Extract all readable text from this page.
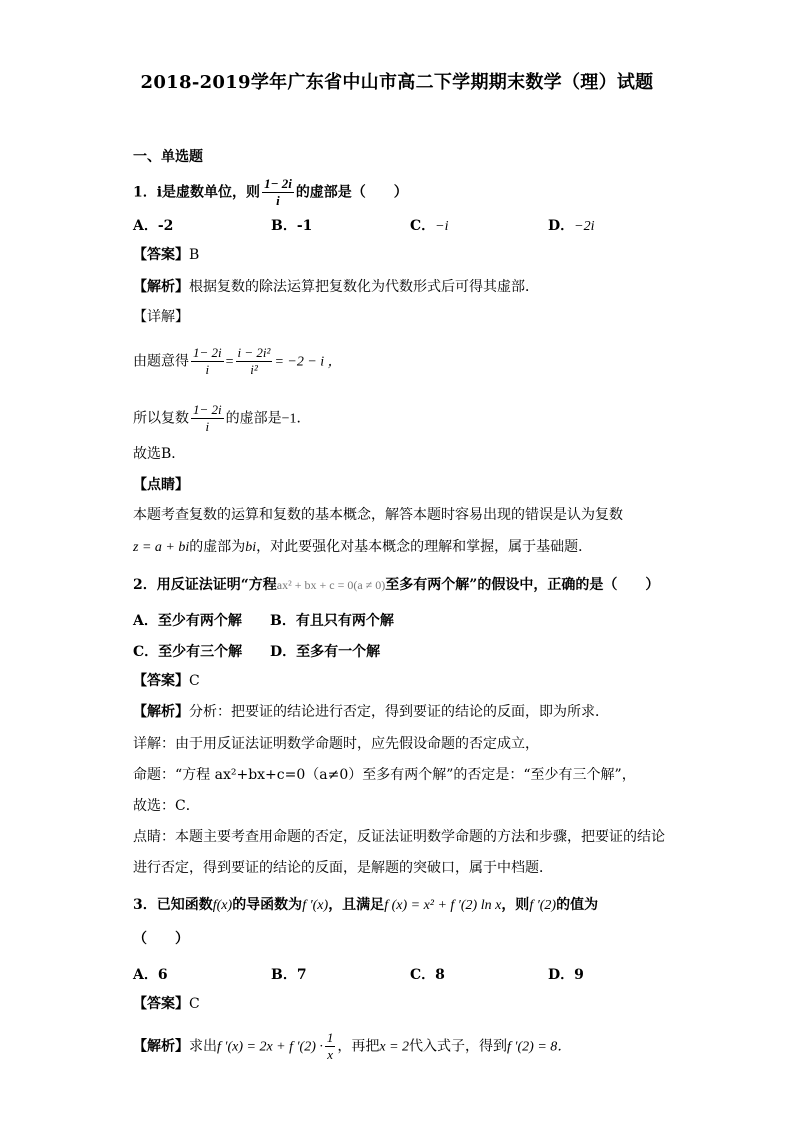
2018-2019学年广东省中山市高二下学期期末数学（理）试题
一、单选题
1．i是虚数单位，则 $\frac{1- 2i}{i}$ 的虚部是（　　）
A．-2	B．-1	C．−i	D．−2i
【答案】B
【解析】根据复数的除法运算把复数化为代数形式后可得其虚部．
【详解】
由题意得 $\frac{1- 2i}{i} = \frac{\text{i − 2i²}}{\text{i²}} = -2 - i$ ，
所以复数 $\frac{1- 2i}{i}$ 的虚部是−1．
故选B．
【点睛】
本题考查复数的运算和复数的基本概念，解答本题时容易出现的错误是认为复数
z = a + bi的虚部为bi，对此要强化对基本概念的理解和掌握，属于基础题．
2．用反证法证明“方程ax² + bx + c = 0(a ≠ 0)至多有两个解”的假设中，正确的是（　　）
A．至少有两个解 B．有且只有两个解
C．至少有三个解 D．至多有一个解
【答案】C
【解析】分析：把要证的结论进行否定，得到要证的结论的反面，即为所求．
详解：由于用反证法证明数学命题时，应先假设命题的否定成立，
命题：“方程 ax²+bx+c=0（a≠0）至多有两个解”的否定是：“至少有三个解”，
故选：C．
点睛：本题主要考查用命题的否定，反证法证明数学命题的方法和步骤，把要证的结论
进行否定，得到要证的结论的反面，是解题的突破口，属于中档题．
3．已知函数f(x)的导函数为f ′(x)，且满足f (x) = x² + f ′(2) ln x，则f ′(2)的值为
（　　）
A．6	B．7	C．8	D．9
【答案】C
【解析】求出f ′(x) = 2x + f $'(2) \cdot \frac{1}{x}$ ，再把x = 2代入式子，得到f ′(2) = 8．
